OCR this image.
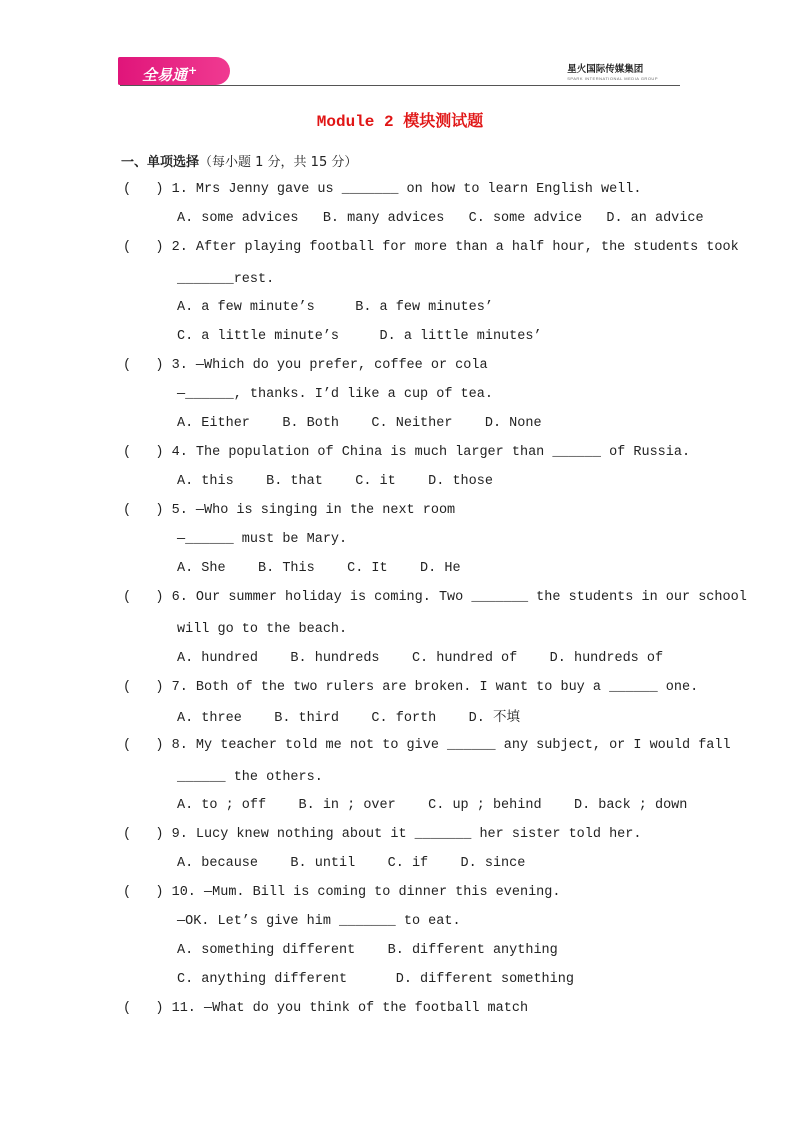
全易通+	星火国际传媒集团
SPARK INTERNATIONAL MEDIA GROUP
Module 2 模块测试题
一、单项选择（每小题 1 分，共 15 分）
(   ) 1. Mrs Jenny gave us _______ on how to learn English well.
A. some advices   B. many advices   C. some advice   D. an advice
(   ) 2. After playing football for more than a half hour, the students took
_______rest.
A. a few minute’s     B. a few minutes’
C. a little minute’s     D. a little minutes’
(   ) 3. —Which do you prefer, coffee or cola
—______, thanks. I’d like a cup of tea.
A. Either    B. Both    C. Neither    D. None
(   ) 4. The population of China is much larger than ______ of Russia.
A. this    B. that    C. it    D. those
(   ) 5. —Who is singing in the next room
—______ must be Mary.
A. She    B. This    C. It    D. He
(   ) 6. Our summer holiday is coming. Two _______ the students in our school
will go to the beach.
A. hundred    B. hundreds    C. hundred of    D. hundreds of
(   ) 7. Both of the two rulers are broken. I want to buy a ______ one.
A. three    B. third    C. forth    D. 不填
(   ) 8. My teacher told me not to give ______ any subject, or I would fall
______ the others.
A. to ; off    B. in ; over    C. up ; behind    D. back ; down
(   ) 9. Lucy knew nothing about it _______ her sister told her.
A. because    B. until    C. if    D. since
(   ) 10. —Mum. Bill is coming to dinner this evening.
—OK. Let’s give him _______ to eat.
A. something different    B. different anything
C. anything different      D. different something
(   ) 11. —What do you think of the football match
